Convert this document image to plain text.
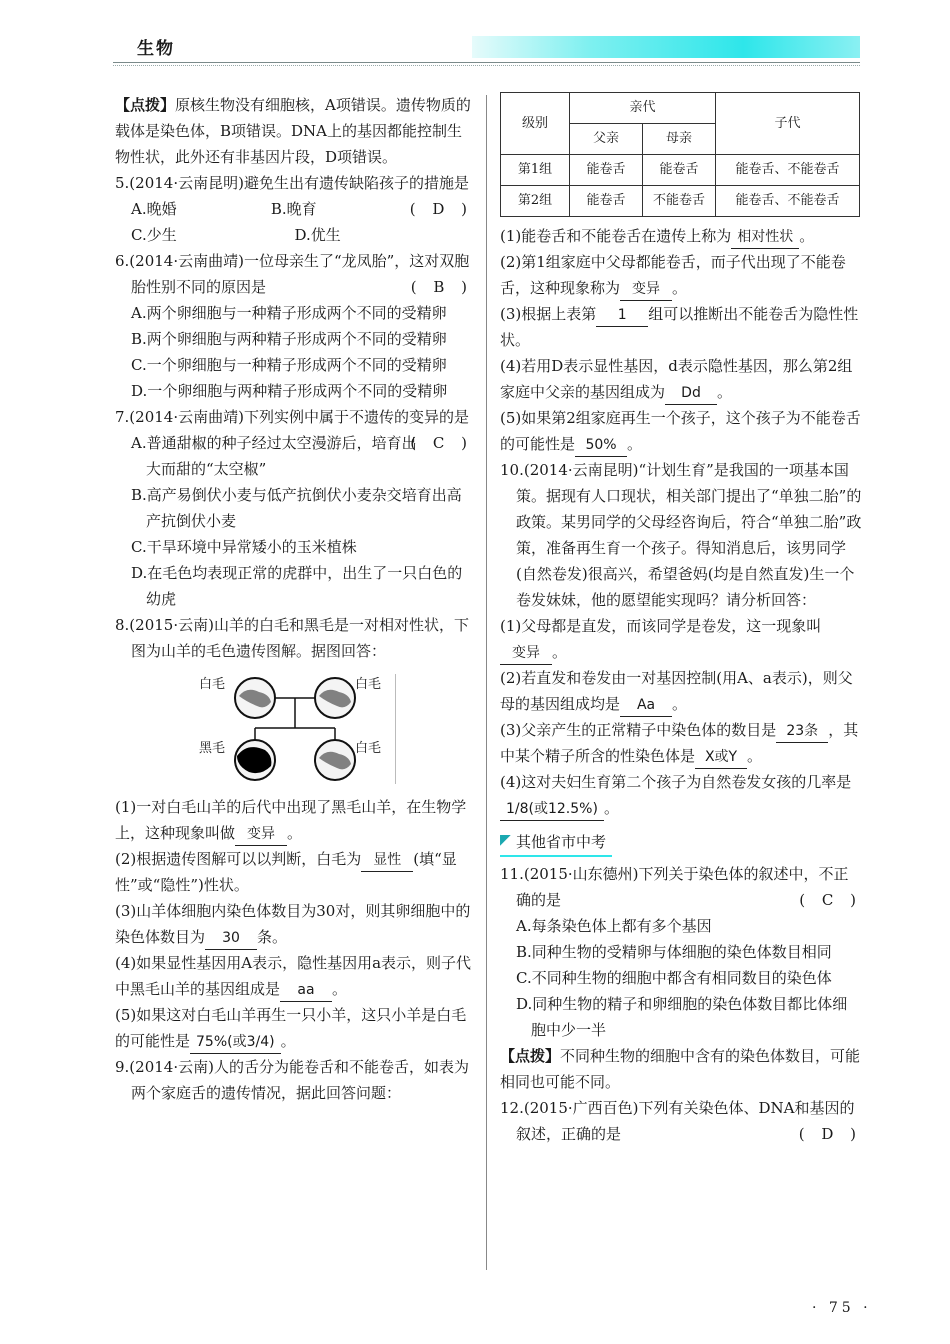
生物

【点拨】原核生物没有细胞核，A项错误。遗传物质的载体是染色体，B项错误。DNA上的基因都能控制生物性状，此外还有非基因片段，D项错误。

5.(2014·云南昆明)避免生出有遗传缺陷孩子的措施是
( D )

A.晚婚	B.晚育
C.少生	D.优生

6.(2014·云南曲靖)一位母亲生了“龙凤胎”，这对双胞胎性别不同的原因是	( B )

A.两个卵细胞与一种精子形成两个不同的受精卵

B.两个卵细胞与两种精子形成两个不同的受精卵

C.一个卵细胞与一种精子形成两个不同的受精卵

D.一个卵细胞与两种精子形成两个不同的受精卵

7.(2014·云南曲靖)下列实例中属于不遗传的变异的是
( C )

A.普通甜椒的种子经过太空漫游后，培育出大而甜的“太空椒”

B.高产易倒伏小麦与低产抗倒伏小麦杂交培育出高产抗倒伏小麦

C.干旱环境中异常矮小的玉米植株

D.在毛色均表现正常的虎群中，出生了一只白色的幼虎

8.(2015·云南)山羊的白毛和黑毛是一对相对性状，下图为山羊的毛色遗传图解。据图回答：

白毛	白毛
黑毛	白毛

(1)一对白毛山羊的后代中出现了黑毛山羊，在生物学上，这种现象叫做 变异 。

(2)根据遗传图解可以以判断，白毛为 显性 (填“显性”或“隐性”)性状。

(3)山羊体细胞内染色体数目为30对，则其卵细胞中的染色体数目为 30 条。

(4)如果显性基因用A表示，隐性基因用a表示，则子代中黑毛山羊的基因组成是 aa 。

(5)如果这对白毛山羊再生一只小羊，这只小羊是白毛的可能性是 75%(或3/4) 。

9.(2014·云南)人的舌分为能卷舌和不能卷舌，如表为两个家庭舌的遗传情况，据此回答问题：

级别	亲代		子代
	父亲	母亲	
第1组	能卷舌	能卷舌	能卷舌、不能卷舌
第2组	能卷舌	不能卷舌	能卷舌、不能卷舌

(1)能卷舌和不能卷舌在遗传上称为 相对性状 。

(2)第1组家庭中父母都能卷舌，而子代出现了不能卷舌，这种现象称为 变异 。

(3)根据上表第 1 组可以推断出不能卷舌为隐性性状。

(4)若用D表示显性基因，d表示隐性基因，那么第2组家庭中父亲的基因组成为 Dd 。

(5)如果第2组家庭再生一个孩子，这个孩子为不能卷舌的可能性是 50% 。

10.(2014·云南昆明)“计划生育”是我国的一项基本国策。据现有人口现状，相关部门提出了“单独二胎”的政策。某男同学的父母经咨询后，符合“单独二胎”政策，准备再生育一个孩子。得知消息后，该男同学(自然卷发)很高兴，希望爸妈(均是自然直发)生一个卷发妹妹，他的愿望能实现吗？请分析回答：

(1)父母都是直发，而该同学是卷发，这一现象叫变异 。

(2)若直发和卷发由一对基因控制(用A、a表示)，则父母的基因组成均是 Aa 。

(3)父亲产生的正常精子中染色体的数目是 23条 ，其中某个精子所含的性染色体是 X或Y 。

(4)这对夫妇生育第二个孩子为自然卷发女孩的几率是1/8(或12.5%) 。

◤ 其他省市中考

11.(2015·山东德州)下列关于染色体的叙述中，不正确的是	( C )

A.每条染色体上都有多个基因

B.同种生物的受精卵与体细胞的染色体数目相同

C.不同种生物的细胞中都含有相同数目的染色体

D.同种生物的精子和卵细胞的染色体数目都比体细胞中少一半

【点拨】不同种生物的细胞中含有的染色体数目，可能相同也可能不同。

12.(2015·广西百色)下列有关染色体、DNA和基因的叙述，正确的是	( D )

· 75 ·
